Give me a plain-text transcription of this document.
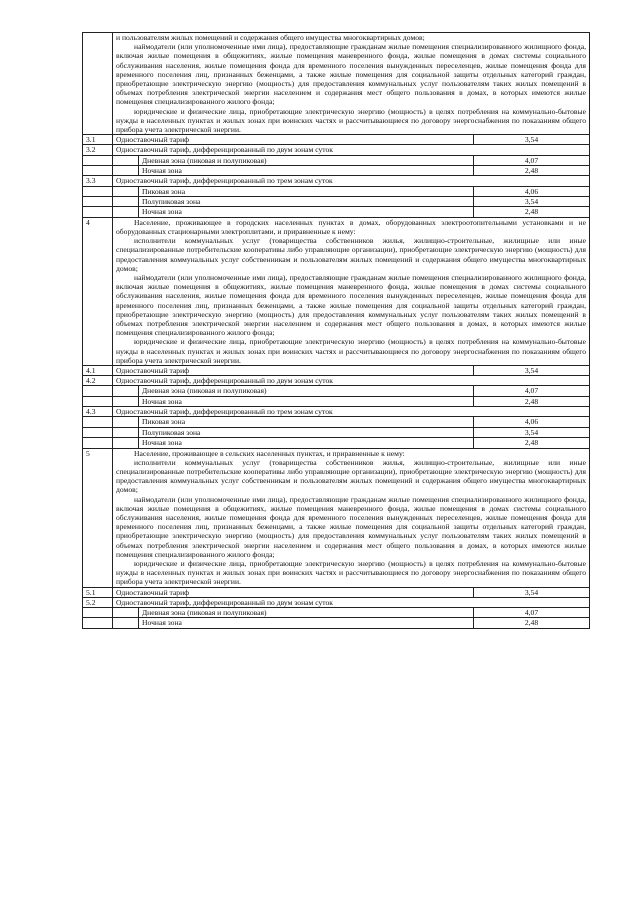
	и пользователям жилых помещений и содержания общего имущества многоквартирных домов;

наймодатели (или уполномоченные ими лица), предоставляющие гражданам жилые помещения специализированного жилищного фонда, включая жилые помещения в общежитиях, жилые помещения маневренного фонда, жилые помещения в домах системы социального обслуживания населения, жилые помещения фонда для временного поселения вынужденных переселенцев, жилые помещения фонда для временного поселения лиц, признанных беженцами, а также жилые помещения для социальной защиты отдельных категорий граждан, приобретающие электрическую энергию (мощность) для предоставления коммунальных услуг пользователям таких жилых помещений в объемах потребления электрической энергии населением и содержания мест общего пользования в домах, в которых имеются жилые помещения специализированного жилого фонда;

юридические и физические лица, приобретающие электрическую энергию (мощность) в целях потребления на коммунально-бытовые нужды в населенных пунктах и жилых зонах при воинских частях и рассчитывающиеся по договору энергоснабжения по показаниям общего прибора учета электрической энергии.		

3.1	Одноставочный тариф		3,54
3.2	Одноставочный тариф, дифференцированный по двум зонам суток		
		Дневная зона (пиковая и полупиковая)	4,07
		Ночная зона	2,48
3.3	Одноставочный тариф, дифференцированный по трем зонам суток		
		Пиковая зона	4,06
		Полупиковая зона	3,54
		Ночная зона	2,48
4	Население, проживающее в городских населенных пунктах в домах, оборудованных электроотопительными установками и не оборудованных стационарными электроплитами, и приравненные к нему:

исполнители коммунальных услуг (товарищества собственников жилья, жилищно-строительные, жилищные или иные специализированные потребительские кооперативы либо управляющие организации), приобретающие электрическую энергию (мощность) для предоставления коммунальных услуг собственникам и пользователям жилых помещений и содержания общего имущества многоквартирных домов;

наймодатели (или уполномоченные ими лица), предоставляющие гражданам жилые помещения специализированного жилищного фонда, включая жилые помещения в общежитиях, жилые помещения маневренного фонда, жилые помещения в домах системы социального обслуживания населения, жилые помещения фонда для временного поселения вынужденных переселенцев, жилые помещения фонда для временного поселения лиц, признанных беженцами, а также жилые помещения для социальной защиты отдельных категорий граждан, приобретающие электрическую энергию (мощность) для предоставления коммунальных услуг пользователям таких жилых помещений в объемах потребления электрической энергии населением и содержания мест общего пользования в домах, в которых имеются жилые помещения специализированного жилого фонда;

юридические и физические лица, приобретающие электрическую энергию (мощность) в целях потребления на коммунально-бытовые нужды в населенных пунктах и жилых зонах при воинских частях и рассчитывающиеся по договору энергоснабжения по показаниям общего прибора учета электрической энергии.		

4.1	Одноставочный тариф		3,54
4.2	Одноставочный тариф, дифференцированный по двум зонам суток		
		Дневная зона (пиковая и полупиковая)	4,07
		Ночная зона	2,48
4.3	Одноставочный тариф, дифференцированный по трем зонам суток		
		Пиковая зона	4,06
		Полупиковая зона	3,54
		Ночная зона	2,48
5	Население, проживающее в сельских населенных пунктах, и приравненные к нему:

исполнители коммунальных услуг (товарищества собственников жилья, жилищно-строительные, жилищные или иные специализированные потребительские кооперативы либо управляющие организации), приобретающие электрическую энергию (мощность) для предоставления коммунальных услуг собственникам и пользователям жилых помещений и содержания общего имущества многоквартирных домов;

наймодатели (или уполномоченные ими лица), предоставляющие гражданам жилые помещения специализированного жилищного фонда, включая жилые помещения в общежитиях, жилые помещения маневренного фонда, жилые помещения в домах системы социального обслуживания населения, жилые помещения фонда для временного поселения вынужденных переселенцев, жилые помещения фонда для временного поселения лиц, признанных беженцами, а также жилые помещения для социальной защиты отдельных категорий граждан, приобретающие электрическую энергию (мощность) для предоставления коммунальных услуг пользователям таких жилых помещений в объемах потребления электрической энергии населением и содержания мест общего пользования в домах, в которых имеются жилые помещения специализированного жилого фонда;

юридические и физические лица, приобретающие электрическую энергию (мощность) в целях потребления на коммунально-бытовые нужды в населенных пунктах и жилых зонах при воинских частях и рассчитывающиеся по договору энергоснабжения по показаниям общего прибора учета электрической энергии.		

5.1	Одноставочный тариф		3,54
5.2	Одноставочный тариф, дифференцированный по двум зонам суток		
		Дневная зона (пиковая и полупиковая)	4,07
		Ночная зона	2,48
